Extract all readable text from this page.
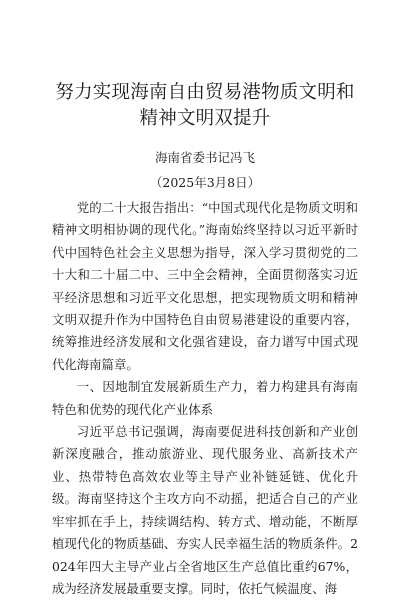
努力实现海南自由贸易港物质文明和精神文明双提升
海南省委书记冯飞
（2025年3月8日）

党的二十大报告指出：“中国式现代化是物质文明和精神文明相协调的现代化。”海南始终坚持以习近平新时代中国特色社会主义思想为指导，深入学习贯彻党的二十大和二十届二中、三中全会精神，全面贯彻落实习近平经济思想和习近平文化思想，把实现物质文明和精神文明双提升作为中国特色自由贸易港建设的重要内容，统筹推进经济发展和文化强省建设，奋力谱写中国式现代化海南篇章。

一、因地制宜发展新质生产力，着力构建具有海南特色和优势的现代化产业体系

习近平总书记强调，海南要促进科技创新和产业创新深度融合，推动旅游业、现代服务业、高新技术产业、热带特色高效农业等主导产业补链延链、优化升级。海南坚持这个主攻方向不动摇，把适合自己的产业牢牢抓在手上，持续调结构、转方式、增动能，不断厚植现代化的物质基础、夯实人民幸福生活的物质条件。2024年四大主导产业占全省地区生产总值比重约67%，成为经济发展最重要支撑。同时，依托气候温度、海
